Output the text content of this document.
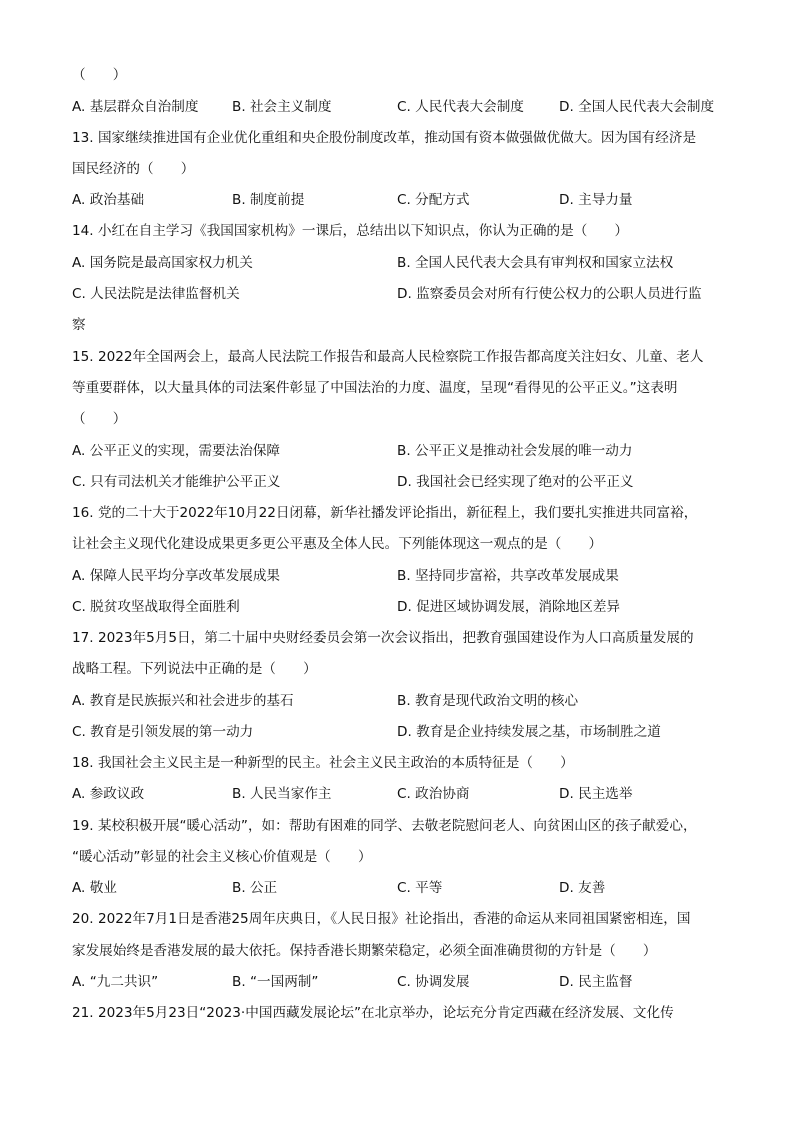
（　　）
A. 基层群众自治制度 B. 社会主义制度	C. 人民代表大会制度	D. 全国人民代表大会制度
13. 国家继续推进国有企业优化重组和央企股份制度改革，推动国有资本做强做优做大。因为国有经济是
国民经济的（　　）
A. 政治基础	B. 制度前提	C. 分配方式	D. 主导力量
14. 小红在自主学习《我国国家机构》一课后，总结出以下知识点，你认为正确的是（　　）
A. 国务院是最高国家权力机关	B. 全国人民代表大会具有审判权和国家立法权
C. 人民法院是法律监督机关	D. 监察委员会对所有行使公权力的公职人员进行监
察
15. 2022年全国两会上，最高人民法院工作报告和最高人民检察院工作报告都高度关注妇女、儿童、老人
等重要群体，以大量具体的司法案件彰显了中国法治的力度、温度，呈现“看得见的公平正义。”这表明
（　　）
A. 公平正义的实现，需要法治保障	B. 公平正义是推动社会发展的唯一动力
C. 只有司法机关才能维护公平正义	D. 我国社会已经实现了绝对的公平正义
16. 党的二十大于2022年10月22日闭幕，新华社播发评论指出，新征程上，我们要扎实推进共同富裕，
让社会主义现代化建设成果更多更公平惠及全体人民。下列能体现这一观点的是（　　）
A. 保障人民平均分享改革发展成果	B. 坚持同步富裕，共享改革发展成果
C. 脱贫攻坚战取得全面胜利	D. 促进区域协调发展，消除地区差异
17. 2023年5月5日，第二十届中央财经委员会第一次会议指出，把教育强国建设作为人口高质量发展的
战略工程。下列说法中正确的是（　　）
A. 教育是民族振兴和社会进步的基石	B. 教育是现代政治文明的核心
C. 教育是引领发展的第一动力	D. 教育是企业持续发展之基，市场制胜之道
18. 我国社会主义民主是一种新型的民主。社会主义民主政治的本质特征是（　　）
A. 参政议政	B. 人民当家作主	C. 政治协商	D. 民主选举
19. 某校积极开展“暖心活动”，如：帮助有困难的同学、去敬老院慰问老人、向贫困山区的孩子献爱心，
“暖心活动”彰显的社会主义核心价值观是（　　）
A. 敬业	B. 公正	C. 平等	D. 友善
20. 2022年7月1日是香港25周年庆典日，《人民日报》社论指出，香港的命运从来同祖国紧密相连，国
家发展始终是香港发展的最大依托。保持香港长期繁荣稳定，必须全面准确贯彻的方针是（　　）
A. “九二共识”	B. “一国两制”	C. 协调发展	D. 民主监督
21. 2023年5月23日“2023·中国西藏发展论坛”在北京举办，论坛充分肯定西藏在经济发展、文化传
